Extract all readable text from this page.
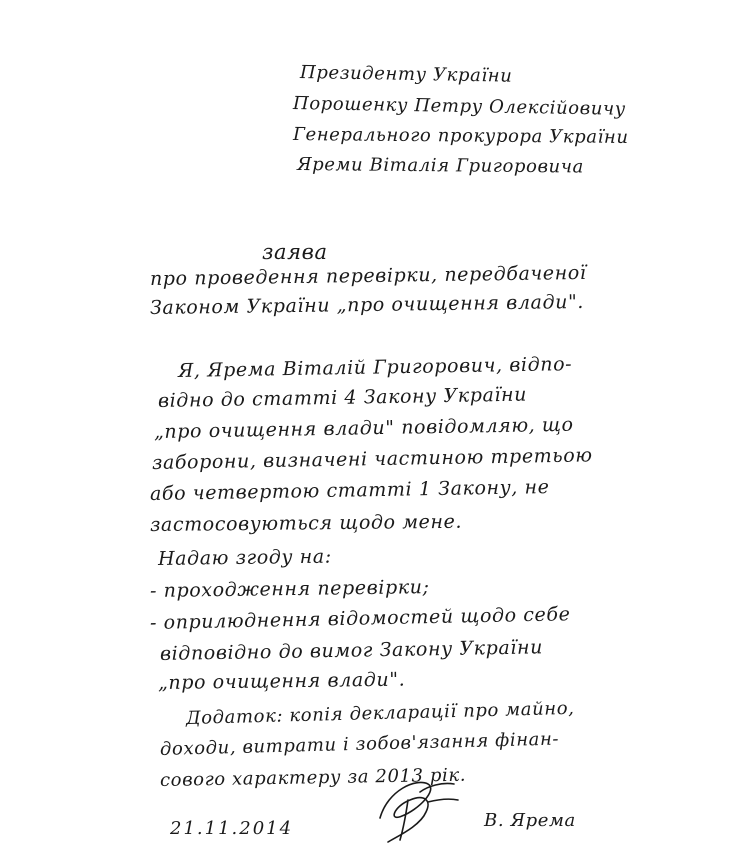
Президенту України
Порошенку Петру Олексійовичу
Генерального прокурора України
Яреми Віталія Григоровича
заява
про проведення перевірки, передбаченої
Законом України „про очищення влади".
Я, Ярема Віталій Григорович, відпо-
відно до статті 4 Закону України
„про очищення влади" повідомляю, що
заборони, визначені частиною третьою
або четвертою статті 1 Закону, не
застосовуються щодо мене.
Надаю згоду на:
- проходження перевірки;
- оприлюднення відомостей щодо себе
відповідно до вимог Закону України
„про очищення влади".
Додаток: копія декларації про майно,
доходи, витрати і зобов'язання фінан-
сового характеру за 2013 рік.
21.11.2014	В. Ярема
